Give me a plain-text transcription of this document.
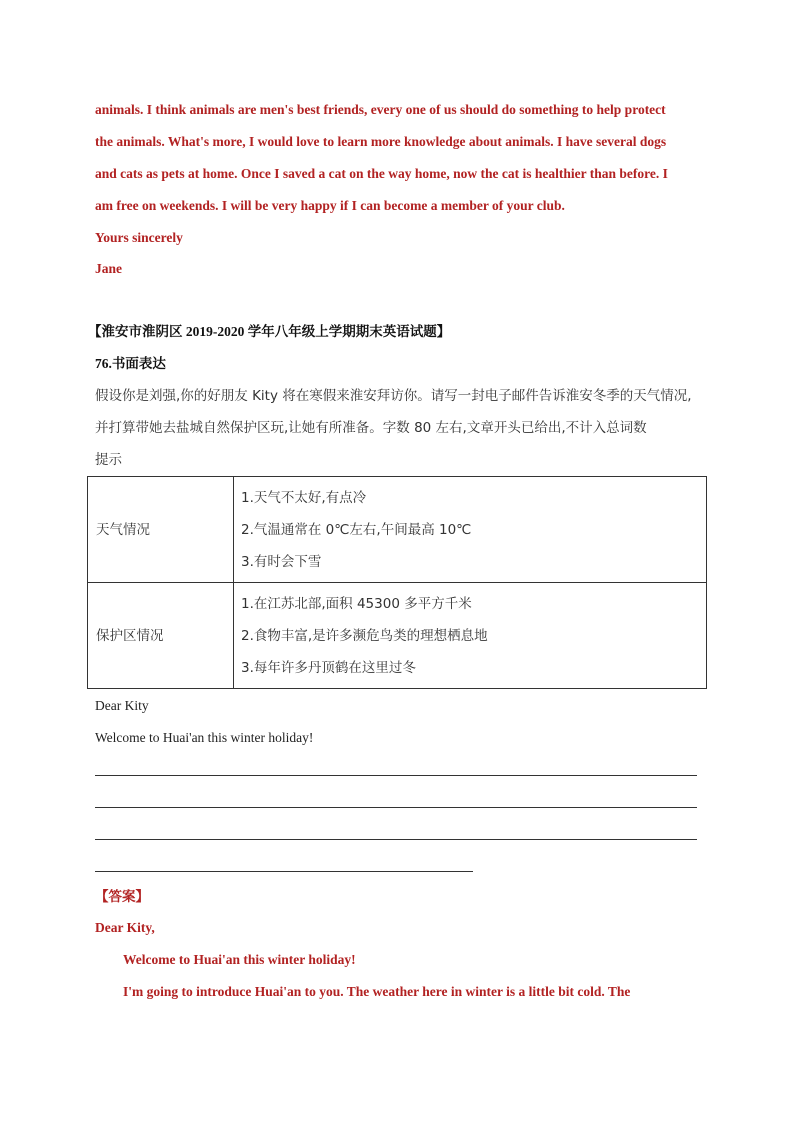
animals. I think animals are men's best friends, every one of us should do something to help protect
the animals. What's more, I would love to learn more knowledge about animals. I have several dogs
and cats as pets at home. Once I saved a cat on the way home, now the cat is healthier than before. I
am free on weekends. I will be very happy if I can become a member of your club.
Yours sincerely
Jane
【淮安市淮阴区 2019-2020 学年八年级上学期期末英语试题】
76.书面表达
假设你是刘强,你的好朋友 Kity 将在寒假来淮安拜访你。请写一封电子邮件告诉淮安冬季的天气情况,
并打算带她去盐城自然保护区玩,让她有所准备。字数 80 左右,文章开头已给出,不计入总词数
提示
天气情况	1.天气不太好,有点冷
2.气温通常在 0℃左右,午间最高 10℃
3.有时会下雪

保护区情况	1.在江苏北部,面积 45300 多平方千米
2.食物丰富,是许多濒危鸟类的理想栖息地
3.每年许多丹顶鹤在这里过冬
Dear Kity
Welcome to Huai'an this winter holiday!
【答案】
Dear Kity,
Welcome to Huai'an this winter holiday!
I'm going to introduce Huai'an to you. The weather here in winter is a little bit cold. The
